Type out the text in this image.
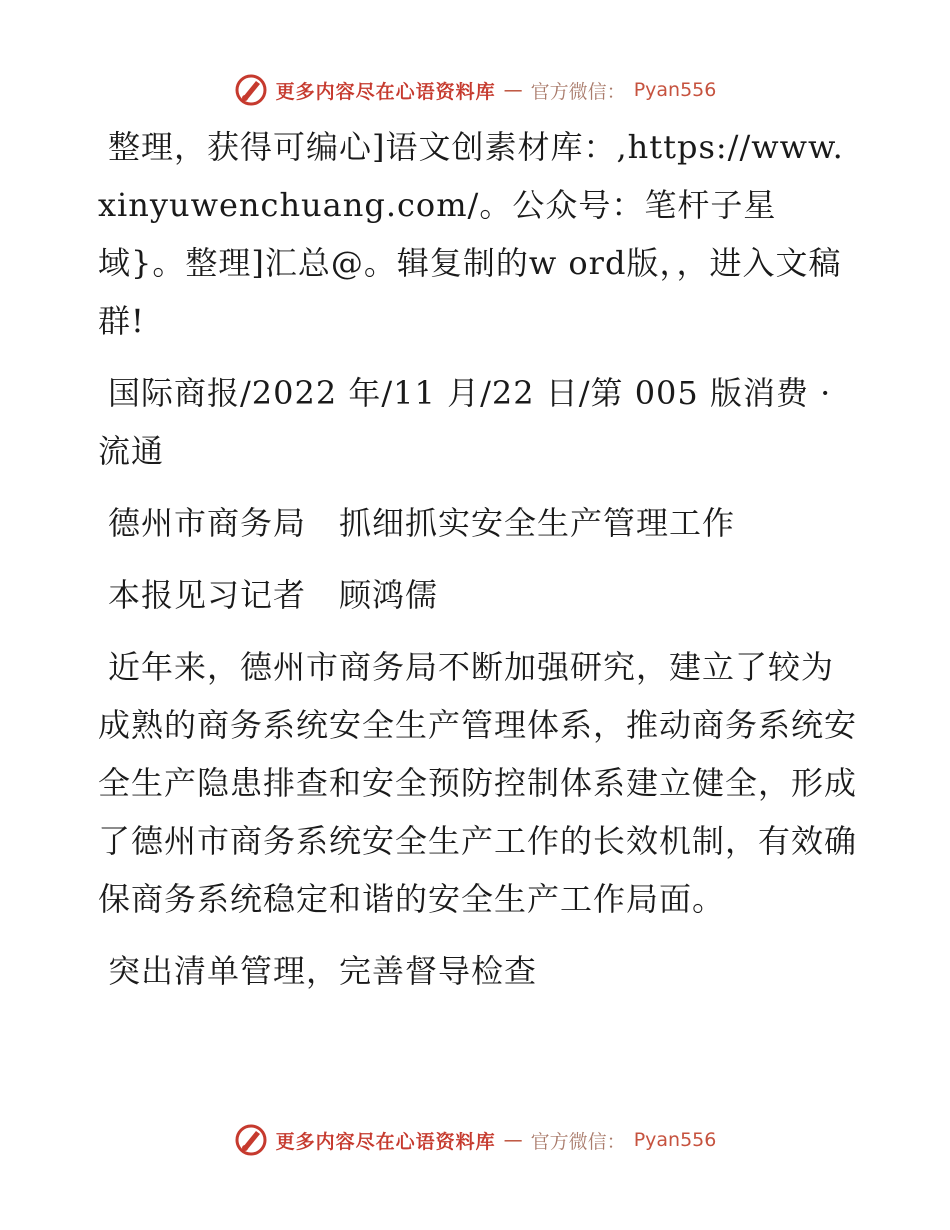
更多内容尽在心语资料库 — 官方微信： Pyan556

整理，获得可编心]语文创素材库：,https://www.xinyuwenchuang.com/。公众号：笔杆子星域}。整理]汇总@。辑复制的w ord版，，进入文稿群!

国际商报/2022 年/11 月/22 日/第 005 版消费 · 流通

德州市商务局　抓细抓实安全生产管理工作

本报见习记者　顾鸿儒

近年来，德州市商务局不断加强研究，建立了较为成熟的商务系统安全生产管理体系，推动商务系统安全生产隐患排查和安全预防控制体系建立健全，形成了德州市商务系统安全生产工作的长效机制，有效确保商务系统稳定和谐的安全生产工作局面。

突出清单管理，完善督导检查

更多内容尽在心语资料库 — 官方微信： Pyan556
